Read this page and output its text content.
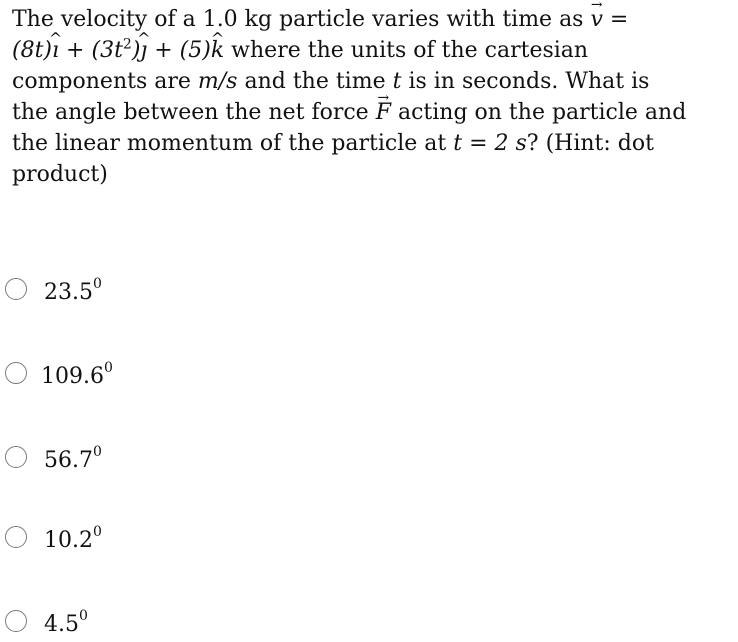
The velocity of a 1.0 kg particle varies with time as v → =
(8t)ı ^ + $(3t^2)ȷ$ ^ + (5)k ^ where the units of the cartesian
components are m/s and the time t is in seconds. What is
the angle between the net force F → acting on the particle and
the linear momentum of the particle at t = 2 s? (Hint: dot
product)
23.5$^0$
109.6$^0$
56.7$^0$
10.2$^0$
$4.5^0$
